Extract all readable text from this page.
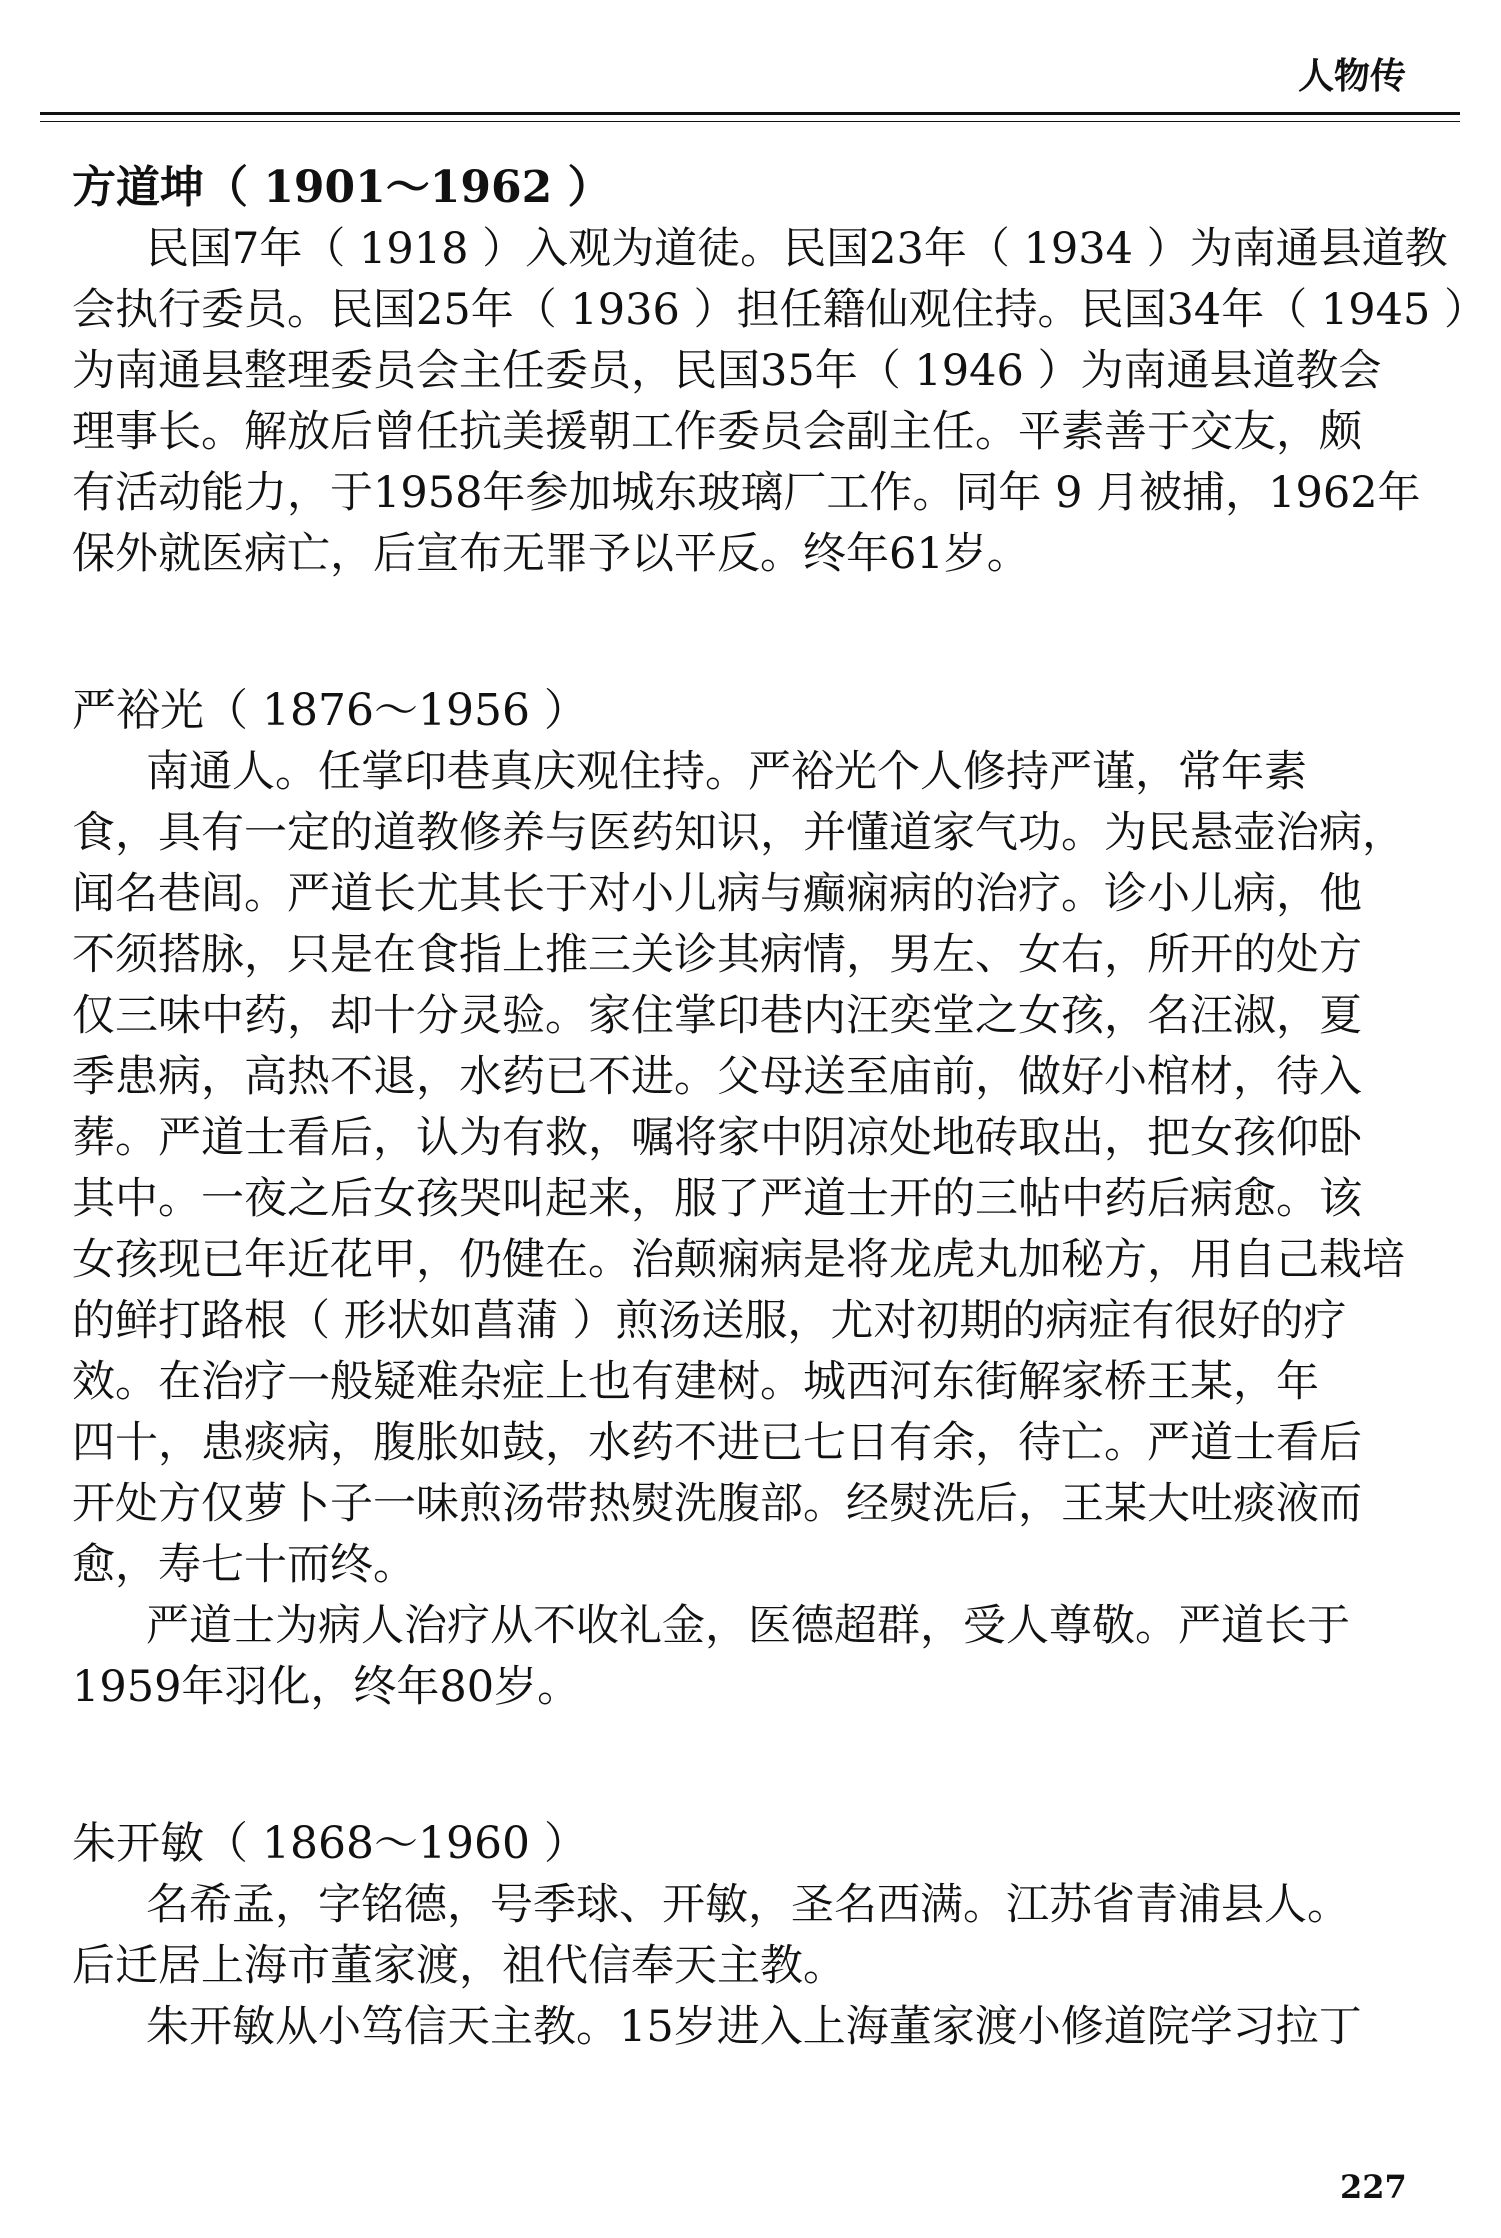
人物传
方道坤（ 1901～1962 ）
民国7年（ 1918 ）入观为道徒。民国23年（ 1934 ）为南通县道教
会执行委员。民国25年（ 1936 ）担任籍仙观住持。民国34年（ 1945 ）
为南通县整理委员会主任委员，民国35年（ 1946 ）为南通县道教会
理事长。解放后曾任抗美援朝工作委员会副主任。平素善于交友，颇
有活动能力，于1958年参加城东玻璃厂工作。同年 9 月被捕，1962年
保外就医病亡，后宣布无罪予以平反。终年61岁。
严裕光（ 1876～1956 ）
南通人。任掌印巷真庆观住持。严裕光个人修持严谨，常年素
食，具有一定的道教修养与医药知识，并懂道家气功。为民悬壶治病，
闻名巷闾。严道长尤其长于对小儿病与癫痫病的治疗。诊小儿病，他
不须搭脉，只是在食指上推三关诊其病情，男左、女右，所开的处方
仅三味中药，却十分灵验。家住掌印巷内汪奕堂之女孩，名汪淑，夏
季患病，高热不退，水药已不进。父母送至庙前，做好小棺材，待入
葬。严道士看后，认为有救，嘱将家中阴凉处地砖取出，把女孩仰卧
其中。一夜之后女孩哭叫起来，服了严道士开的三帖中药后病愈。该
女孩现已年近花甲，仍健在。治颠痫病是将龙虎丸加秘方，用自己栽培
的鲜打路根（ 形状如菖蒲 ）煎汤送服，尤对初期的病症有很好的疗
效。在治疗一般疑难杂症上也有建树。城西河东街解家桥王某，年
四十，患痰病，腹胀如鼓，水药不进已七日有余，待亡。严道士看后
开处方仅萝卜子一味煎汤带热熨洗腹部。经熨洗后，王某大吐痰液而
愈，寿七十而终。
严道士为病人治疗从不收礼金，医德超群，受人尊敬。严道长于
1959年羽化，终年80岁。
朱开敏（ 1868～1960 ）
名希孟，字铭德，号季球、开敏，圣名西满。江苏省青浦县人。
后迁居上海市董家渡，祖代信奉天主教。
朱开敏从小笃信天主教。15岁进入上海董家渡小修道院学习拉丁
227
